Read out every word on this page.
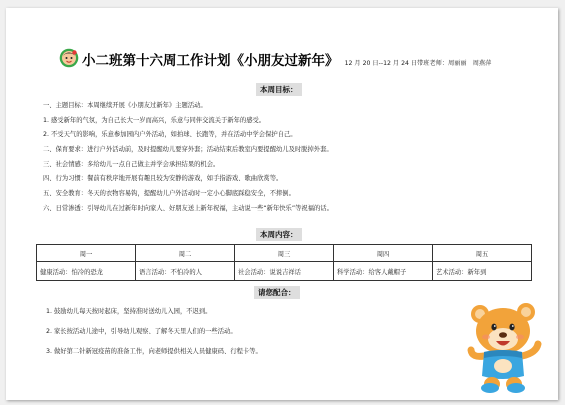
小二班第十六周工作计划《小朋友过新年》 12 月 20 日--12 月 24 日带班老师：周丽丽　周燕萍
本周目标：
一、主题目标：本周继续开展《小朋友过新年》主题活动。
1. 感受新年的气氛，为自己长大一岁而高兴，乐意与同伴交流关于新年的感受。
2. 不受天气的影响，乐意参加园内户外活动，如拍球、长跑等，并在活动中学会保护自己。
二、保育要求：进行户外活动前，及时提醒幼儿要穿外套；活动结束后教室内要提醒幼儿及时脱掉外套。
三、社会情感：多给幼儿一点自己做主并学会承担结果的机会。
四、行为习惯：餐前有秩序地开展有趣且较为安静的游戏，如手指游戏、歌曲欣赏等。
五、安全教育：冬天的衣物容易钩，提醒幼儿户外活动时一定小心脚底踩稳安全，不摔倒。
六、日常渗透：引导幼儿在过新年时向家人、好朋友送上新年祝福，主动说一些“新年快乐”等祝福的话。
本周内容：
周一	周二	周三	周四	周五
健康活动：怕冷的恐龙	语言活动：不怕冷的人	社会活动：说说吉祥话	科学活动：给客人戴帽子	艺术活动：新年到
请您配合：
1. 鼓励幼儿每天按时起床，坚持准时送幼儿入园，不迟到。
2. 家长按活动儿途中，引导幼儿观察、了解冬天里人们的一些活动。
3. 做好第二针新冠疫苗的准备工作，向老师提供相关人员健康码、行程卡等。
